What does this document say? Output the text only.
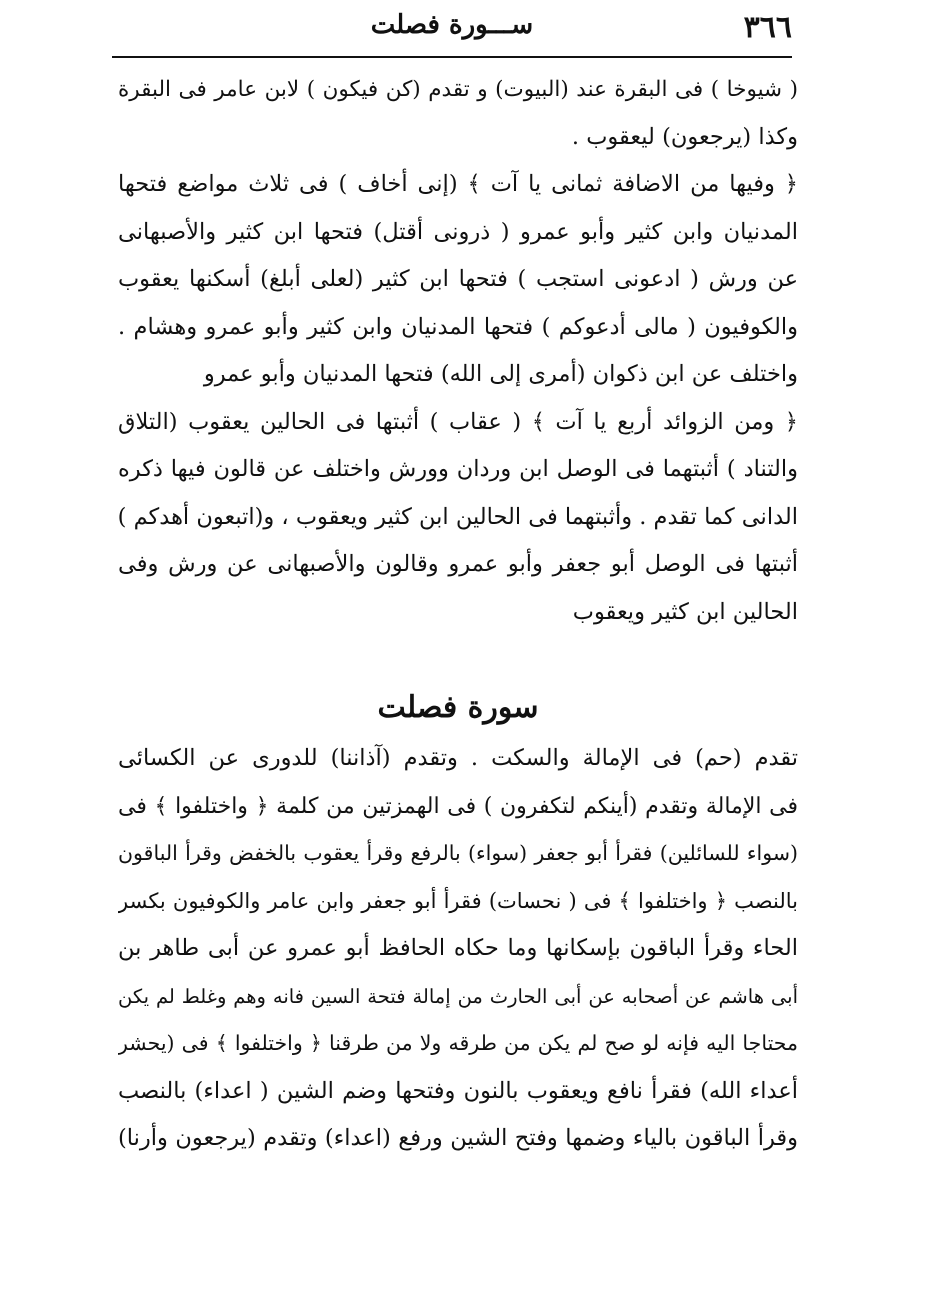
٣٦٦
ســـورة فصلت
( شيوخا ) فى البقرة عند (البيوت) و تقدم (كن فيكون ) لابن عامر فى البقرة
وكذا (يرجعون) ليعقوب .
﴿ وفيها من الاضافة ثمانى يا آت ﴾ (إنى أخاف ) فى ثلاث مواضع فتحها
المدنيان وابن كثير وأبو عمرو ( ذرونى أقتل) فتحها ابن كثير والأصبهانى
عن ورش ( ادعونى استجب ) فتحها ابن كثير (لعلى أبلغ) أسكنها يعقوب
والكوفيون ( مالى أدعوكم ) فتحها المدنيان وابن كثير وأبو عمرو وهشام .
واختلف عن ابن ذكوان (أمرى إلى الله) فتحها المدنيان وأبو عمرو
﴿ ومن الزوائد أربع يا آت ﴾ ( عقاب ) أثبتها فى الحالين يعقوب (التلاق
والتناد ) أثبتهما فى الوصل ابن وردان وورش واختلف عن قالون فيها ذكره
الدانى كما تقدم . وأثبتهما فى الحالين ابن كثير ويعقوب ، و(اتبعون أهدكم )
أثبتها فى الوصل أبو جعفر وأبو عمرو وقالون والأصبهانى عن ورش وفى
الحالين ابن كثير ويعقوب
سورة فصلت
تقدم (حم) فى الإمالة والسكت . وتقدم (آذاننا) للدورى عن الكسائى
فى الإمالة وتقدم (أينكم لتكفرون ) فى الهمزتين من كلمة ﴿ واختلفوا ﴾ فى
(سواء للسائلين) فقرأ أبو جعفر (سواء) بالرفع وقرأ يعقوب بالخفض وقرأ الباقون
بالنصب ﴿ واختلفوا ﴾ فى ( نحسات) فقرأ أبو جعفر وابن عامر والكوفيون بكسر
الحاء وقرأ الباقون بإسكانها وما حكاه الحافظ أبو عمرو عن أبى طاهر بن
أبى هاشم عن أصحابه عن أبى الحارث من إمالة فتحة السين فانه وهم وغلط لم يكن
محتاجا اليه فإنه لو صح لم يكن من طرقه ولا من طرقنا ﴿ واختلفوا ﴾ فى (يحشر
أعداء الله) فقرأ نافع ويعقوب بالنون وفتحها وضم الشين ( اعداء) بالنصب
وقرأ الباقون بالياء وضمها وفتح الشين ورفع (اعداء) وتقدم (يرجعون وأرنا)
